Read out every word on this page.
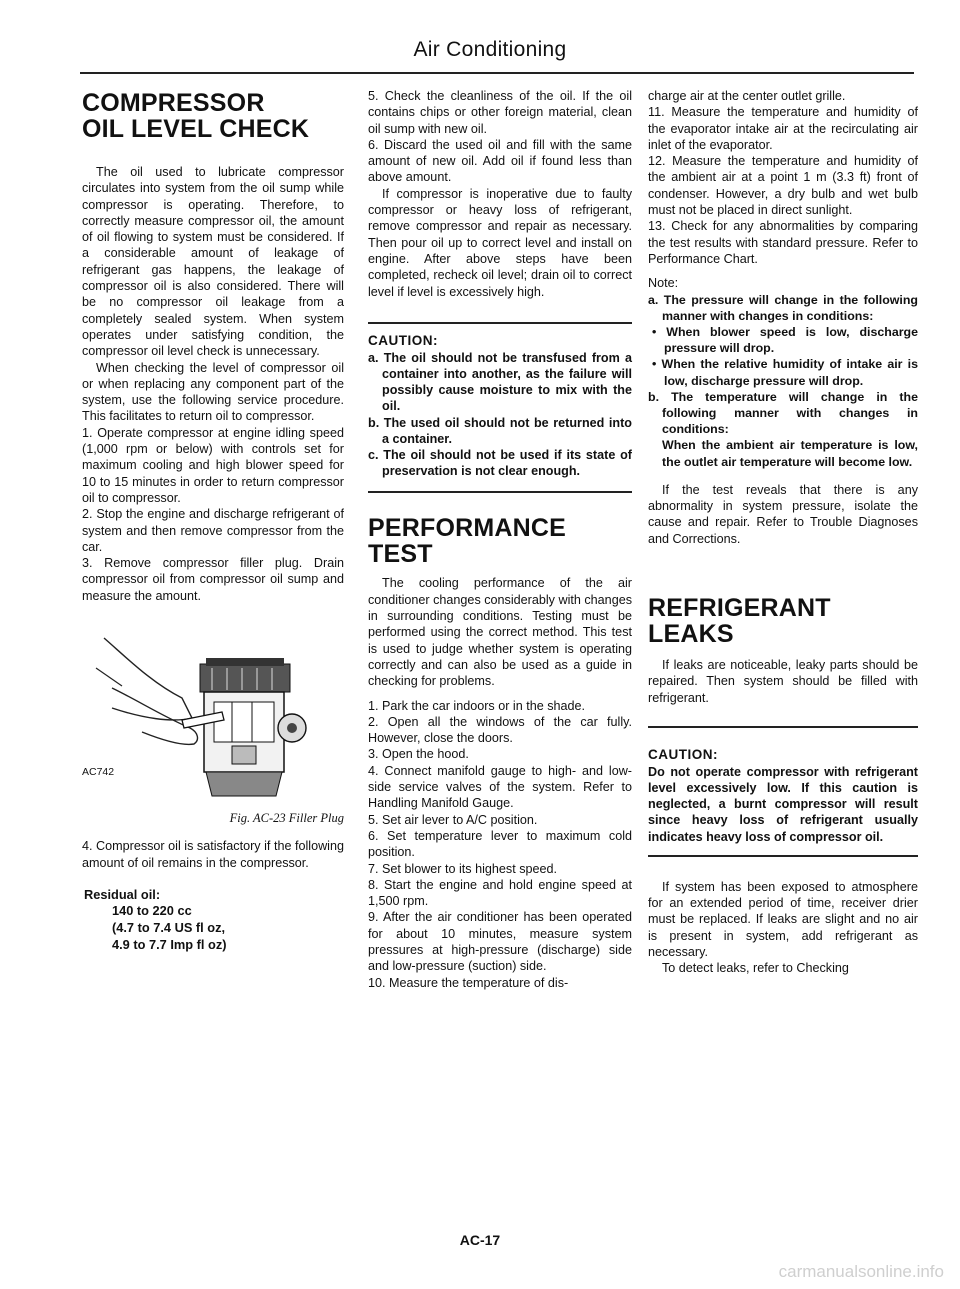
Air Conditioning
COMPRESSOR
OIL LEVEL CHECK

The oil used to lubricate compressor circulates into system from the oil sump while compressor is operating. Therefore, to correctly measure compressor oil, the amount of oil flowing to system must be considered. If a considerable amount of leakage of refrigerant gas happens, the leakage of compressor oil is also considered. There will be no compressor oil leakage from a completely sealed system. When system operates under satisfying condition, the compressor oil level check is unnecessary.

When checking the level of compressor oil or when replacing any component part of the system, use the following service procedure. This facilitates to return oil to compressor.

1. Operate compressor at engine idling speed (1,000 rpm or below) with controls set for maximum cooling and high blower speed for 10 to 15 minutes in order to return compressor oil to compressor.

2. Stop the engine and discharge refrigerant of system and then remove compressor from the car.

3. Remove compressor filler plug. Drain compressor oil from compressor oil sump and measure the amount.

AC742

Fig. AC-23 Filler Plug

4. Compressor oil is satisfactory if the following amount of oil remains in the compressor.

Residual oil:
140 to 220 cc
(4.7 to 7.4 US fl oz,
4.9 to 7.7 Imp fl oz)

5. Check the cleanliness of the oil. If the oil contains chips or other foreign material, clean oil sump with new oil.

6. Discard the used oil and fill with the same amount of new oil. Add oil if found less than above amount.

If compressor is inoperative due to faulty compressor or heavy loss of refrigerant, remove compressor and repair as necessary. Then pour oil up to correct level and install on engine. After above steps have been completed, recheck oil level; drain oil to correct level if level is excessively high.

CAUTION:

a. The oil should not be transfused from a container into another, as the failure will possibly cause moisture to mix with the oil.

b. The used oil should not be returned into a container.

c. The oil should not be used if its state of preservation is not clear enough.

PERFORMANCE TEST

The cooling performance of the air conditioner changes considerably with changes in surrounding conditions. Testing must be performed using the correct method. This test is used to judge whether system is operating correctly and can also be used as a guide in checking for problems.

1. Park the car indoors or in the shade.

2. Open all the windows of the car fully. However, close the doors.

3. Open the hood.

4. Connect manifold gauge to high- and low-side service valves of the system. Refer to Handling Manifold Gauge.

5. Set air lever to A/C position.

6. Set temperature lever to maximum cold position.

7. Set blower to its highest speed.

8. Start the engine and hold engine speed at 1,500 rpm.

9. After the air conditioner has been operated for about 10 minutes, measure system pressures at high-pressure (discharge) side and low-pressure (suction) side.

10. Measure the temperature of dis-

charge air at the center outlet grille.

11. Measure the temperature and humidity of the evaporator intake air at the recirculating air inlet of the evaporator.

12. Measure the temperature and humidity of the ambient air at a point 1 m (3.3 ft) front of condenser. However, a dry bulb and wet bulb must not be placed in direct sunlight.

13. Check for any abnormalities by comparing the test results with standard pressure. Refer to Performance Chart.

Note:

a. The pressure will change in the following manner with changes in conditions:

• When blower speed is low, discharge pressure will drop.

• When the relative humidity of intake air is low, discharge pressure will drop.

b. The temperature will change in the following manner with changes in conditions:

When the ambient air temperature is low, the outlet air temperature will become low.

If the test reveals that there is any abnormality in system pressure, isolate the cause and repair. Refer to Trouble Diagnoses and Corrections.

REFRIGERANT
LEAKS

If leaks are noticeable, leaky parts should be repaired. Then system should be filled with refrigerant.

CAUTION:

Do not operate compressor with refrigerant level excessively low. If this caution is neglected, a burnt compressor will result since heavy loss of refrigerant usually indicates heavy loss of compressor oil.

If system has been exposed to atmosphere for an extended period of time, receiver drier must be replaced. If leaks are slight and no air is present in system, add refrigerant as necessary.

To detect leaks, refer to Checking

AC-17
carmanualsonline.info
